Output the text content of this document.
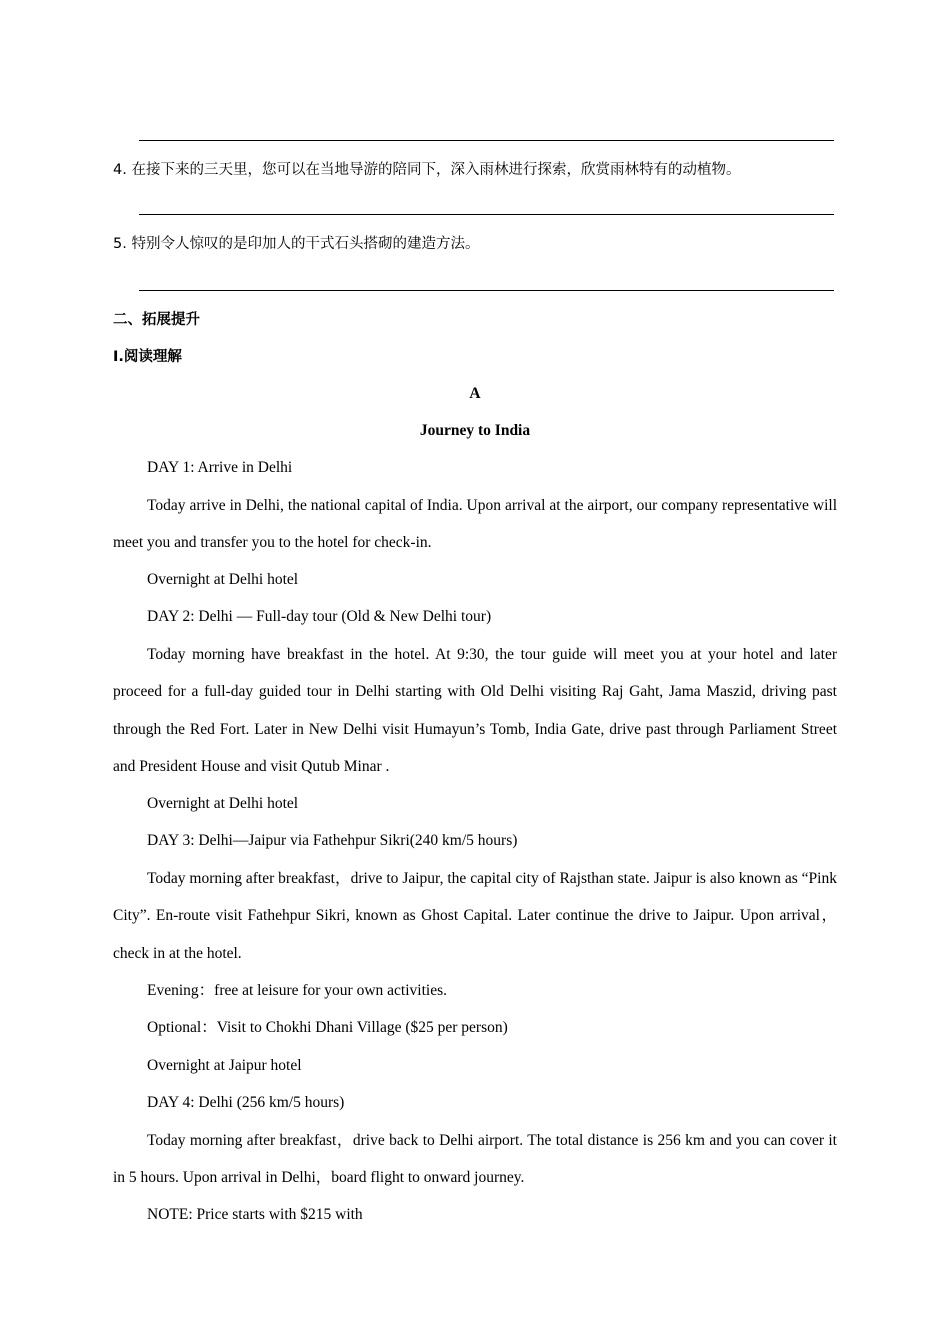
4. 在接下来的三天里，您可以在当地导游的陪同下，深入雨林进行探索，欣赏雨林特有的动植物。
5. 特别令人惊叹的是印加人的干式石头搭砌的建造方法。
二、拓展提升
Ⅰ.阅读理解
A
Journey to India
DAY 1: Arrive in Delhi
Today arrive in Delhi, the national capital of India. Upon arrival at the airport, our company representative will meet you and transfer you to the hotel for check-in.
Overnight at Delhi hotel
DAY 2: Delhi — Full-day tour (Old & New Delhi tour)
Today morning have breakfast in the hotel. At 9:30, the tour guide will meet you at your hotel and later proceed for a full-day guided tour in Delhi starting with Old Delhi visiting Raj Gaht, Jama Maszid, driving past through the Red Fort. Later in New Delhi visit Humayun’s Tomb, India Gate, drive past through Parliament Street and President House and visit Qutub Minar .
Overnight at Delhi hotel
DAY 3: Delhi—Jaipur via Fathehpur Sikri(240 km/5 hours)
Today morning after breakfast，drive to Jaipur, the capital city of Rajsthan state. Jaipur is also known as “Pink City”. En-route visit Fathehpur Sikri, known as Ghost Capital. Later continue the drive to Jaipur. Upon arrival，check in at the hotel.
Evening：free at leisure for your own activities.
Optional：Visit to Chokhi Dhani Village ($25 per person)
Overnight at Jaipur hotel
DAY 4: Delhi (256 km/5 hours)
Today morning after breakfast，drive back to Delhi airport. The total distance is 256 km and you can cover it in 5 hours. Upon arrival in Delhi，board flight to onward journey.
NOTE: Price starts with $215 with
